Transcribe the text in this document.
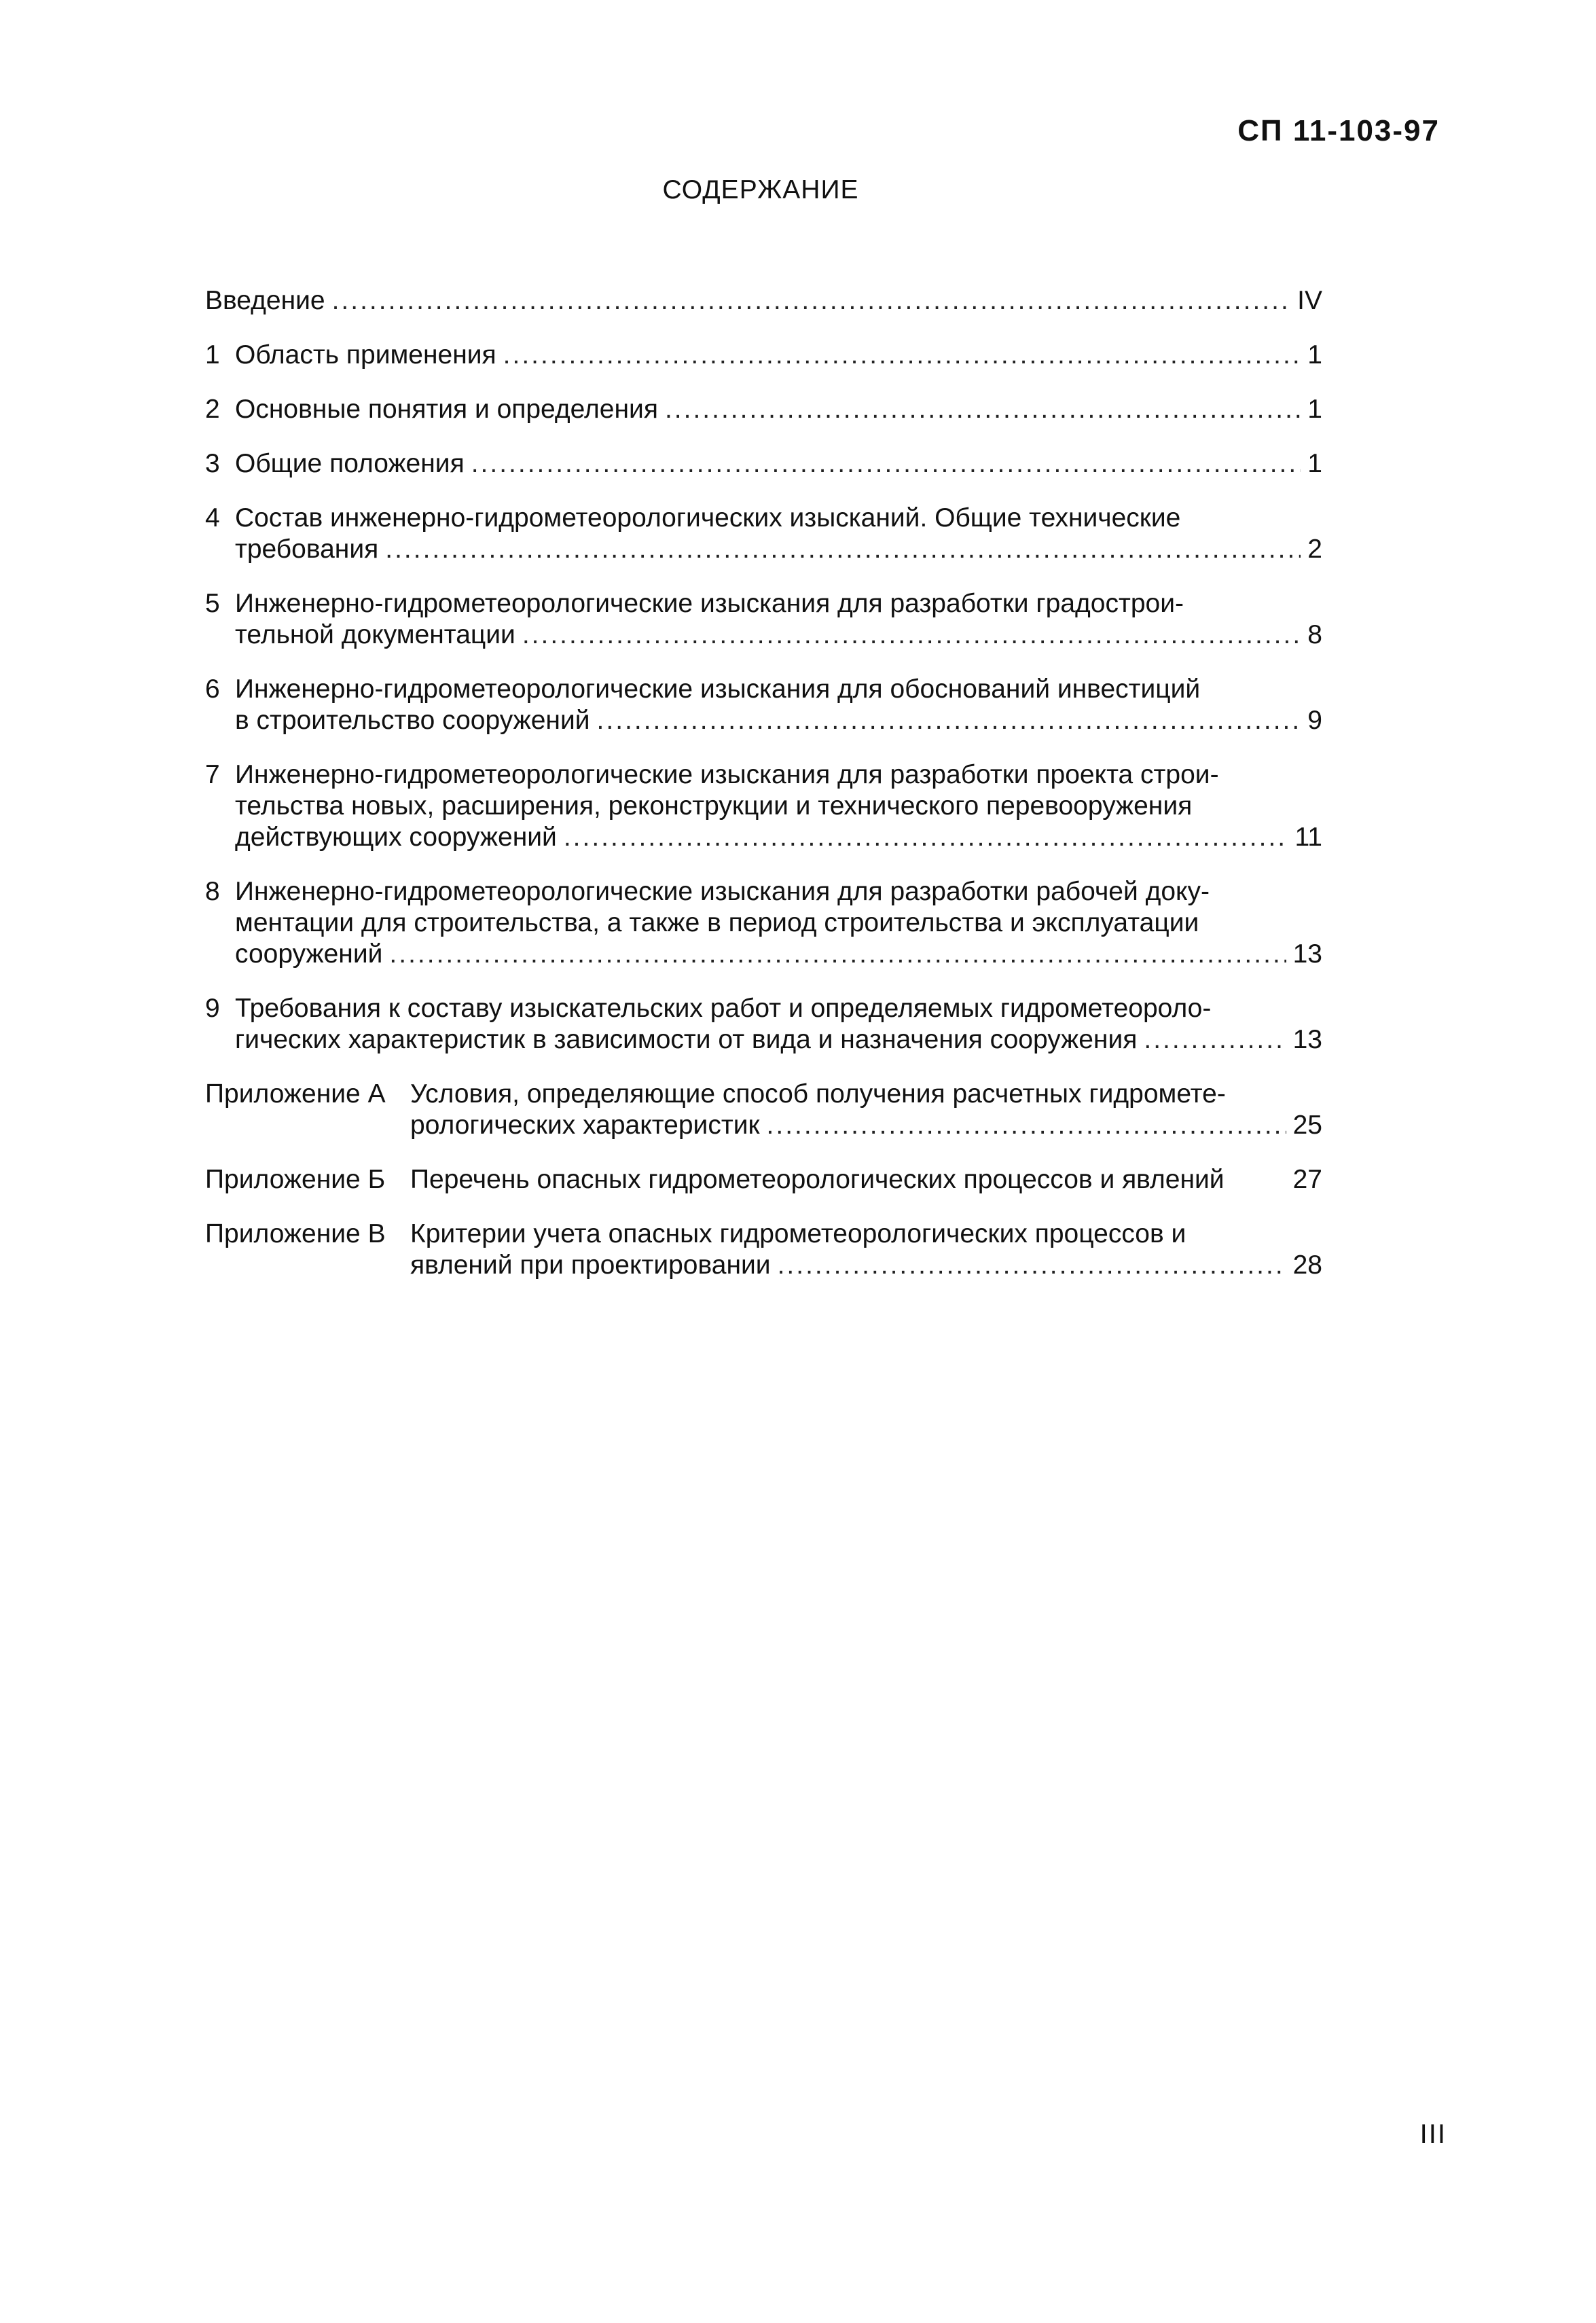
СП 11-103-97
СОДЕРЖАНИЕ
Введение .....	IV
1 Область применения .....	1
2 Основные понятия и определения .....	1
3 Общие положения .....	1
4 Состав инженерно-гидрометеорологических изысканий. Общие технические
требования .....	2
5 Инженерно-гидрометеорологические изыскания для разработки градострои-
тельной документации .....	8
6 Инженерно-гидрометеорологические изыскания для обоснований инвестиций
в строительство сооружений .....	9
7 Инженерно-гидрометеорологические изыскания для разработки проекта строи-
тельства новых, расширения, реконструкции и технического перевооружения
действующих сооружений .....	11
8 Инженерно-гидрометеорологические изыскания для разработки рабочей доку-
ментации для строительства, а также в период строительства и эксплуатации
сооружений .....	13
9 Требования к составу изыскательских работ и определяемых гидрометеороло-
гических характеристик в зависимости от вида и назначения сооружения .....	13
Приложение А Условия, определяющие способ получения расчетных гидромете-
рологических характеристик .....	25
Приложение Б Перечень опасных гидрометеорологических процессов и явлений	27
Приложение В Критерии учета опасных гидрометеорологических процессов и
явлений при проектировании .....	28
III
